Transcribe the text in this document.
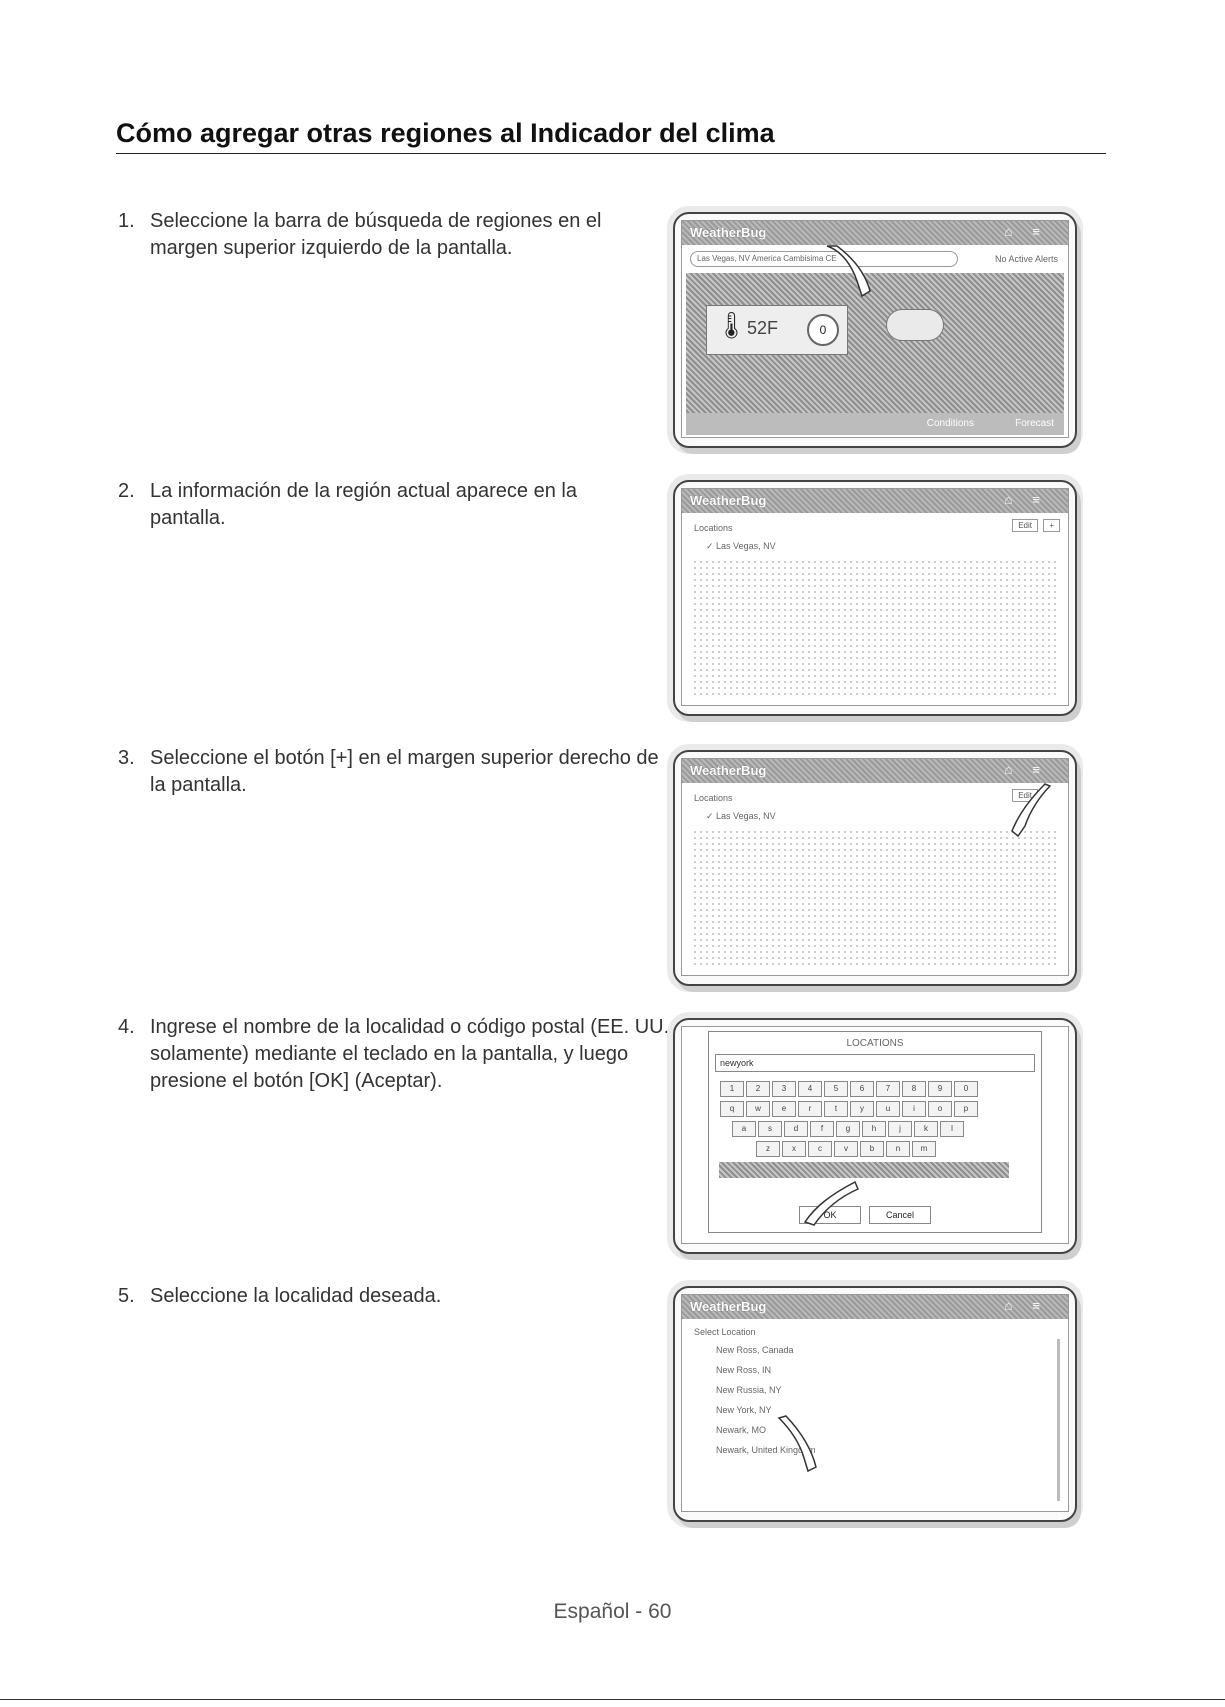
Cómo agregar otras regiones al Indicador del clima
1. Seleccione la barra de búsqueda de regiones en el margen superior izquierdo de la pantalla.
2. La información de la región actual aparece en la pantalla.
3. Seleccione el botón [+] en el margen superior derecho de la pantalla.
4. Ingrese el nombre de la localidad o código postal (EE. UU. solamente) mediante el teclado en la pantalla, y luego presione el botón [OK] (Aceptar).
5. Seleccione la localidad deseada.
WeatherBug	⌂≡
Las Vegas, NV America Cambisima CE	No Active Alerts
🌡
52F	0
Conditions	Forecast
WeatherBug	⌂≡
Locations	Edit	+
✓ Las Vegas, NV
WeatherBug	⌂≡
Locations	Edit
✓ Las Vegas, NV
LOCATIONS
newyork
1	2	3	4	5	6	7	8	9	0
q	w	e	r	t	y	u	i	o	p
a	s	d	f	g	h	j	k	l
z	x	c	v	b	n	m
OK	Cancel
WeatherBug	⌂≡
Select Location
New Ross, Canada
New Ross, IN
New Russia, NY
New York, NY
Newark, MO
Newark, United Kingdom
Español - 60
